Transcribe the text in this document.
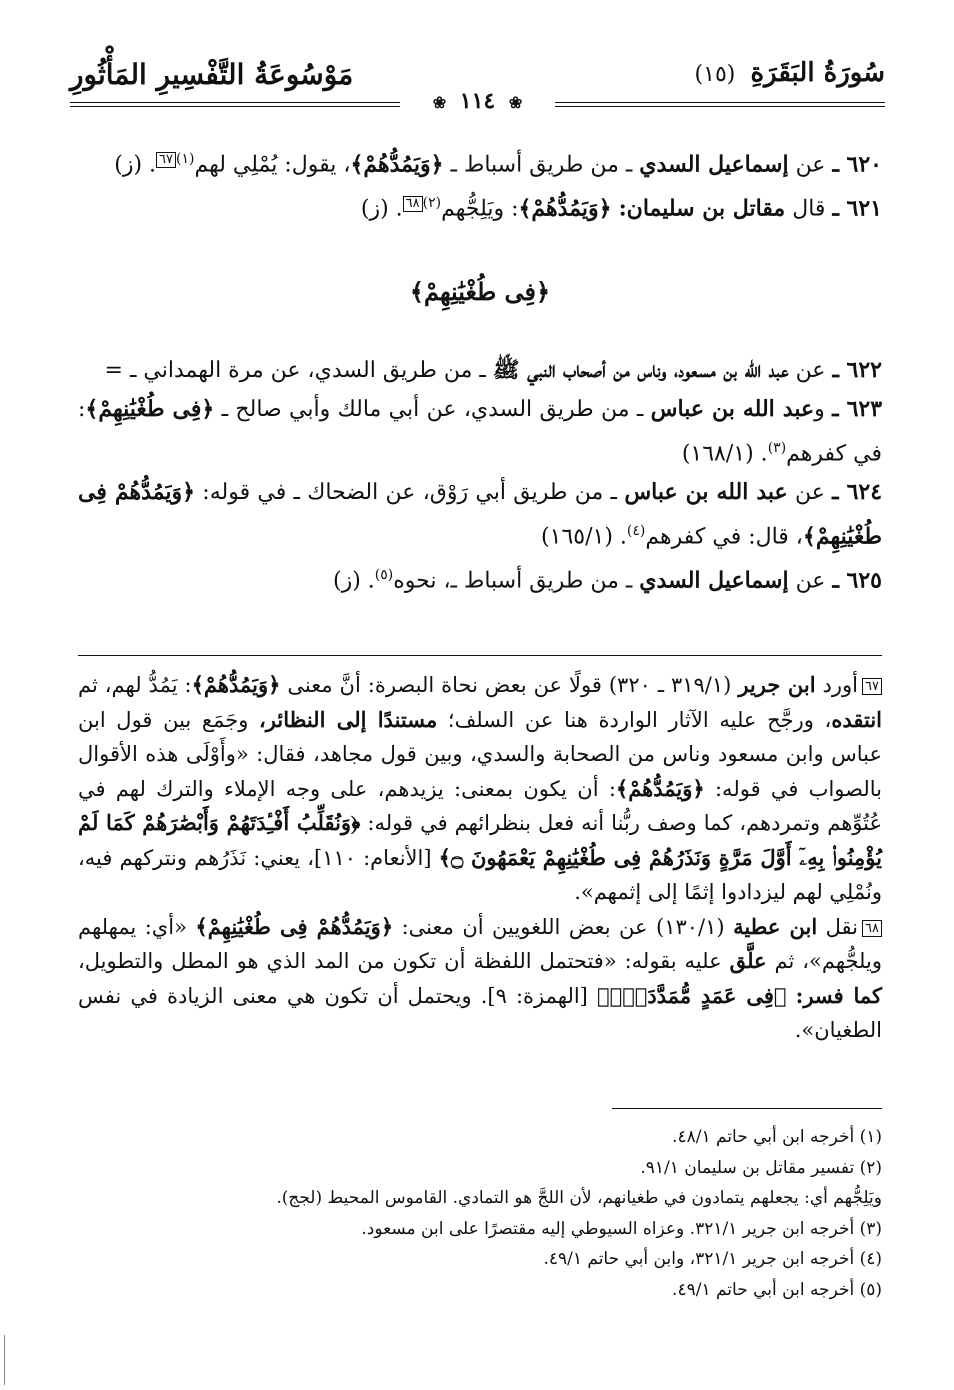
سُورَةُ البَقَرَةِ (١٥)
مَوْسُوعَةُ التَّفْسِيرِ المَأْثُورِ
❀ ١١٤ ❀

٦٢٠ ـ عن إسماعيل السدي ـ من طريق أسباط ـ ﴿وَيَمُدُّهُمْ﴾، يقول: يُمْلِي لهم$^{(١)}$٦٧. (ز)

٦٢١ ـ قال مقاتل بن سليمان: ﴿وَيَمُدُّهُمْ﴾: ويَلِجُّهم$^{(٢)}$٦٨. (ز)

﴿فِى طُغْيَٰنِهِمْ﴾

٦٢٢ ـ عن عبد الله بن مسعود، وناس من أصحاب النبي ﷺ ـ من طريق السدي، عن مرة الهمداني ـ =

٦٢٣ ـ وعبد الله بن عباس ـ من طريق السدي، عن أبي مالك وأبي صالح ـ ﴿فِى طُغْيَٰنِهِمْ﴾: في كفرهم$^{(٣)}$. (١٦٨/١)

٦٢٤ ـ عن عبد الله بن عباس ـ من طريق أبي رَوْق، عن الضحاك ـ في قوله: ﴿وَيَمُدُّهُمْ فِى طُغْيَٰنِهِمْ﴾، قال: في كفرهم$^{(٤)}$. (١٦٥/١)

٦٢٥ ـ عن إسماعيل السدي ـ من طريق أسباط ـ، نحوه$^{(٥)}$. (ز)

٦٧أورد ابن جرير (٣١٩/١ ـ ٣٢٠) قولًا عن بعض نحاة البصرة: أنَّ معنى ﴿وَيَمُدُّهُمْ﴾: يَمُدُّ لهم، ثم انتقده، ورجَّح عليه الآثار الواردة هنا عن السلف؛ مستندًا إلى النظائر، وجَمَع بين قول ابن عباس وابن مسعود وناس من الصحابة والسدي، وبين قول مجاهد، فقال: «وأَوْلَى هذه الأقوال بالصواب في قوله: ﴿وَيَمُدُّهُمْ﴾: أن يكون بمعنى: يزيدهم، على وجه الإملاء والترك لهم في عُتُوِّهم وتمردهم، كما وصف ربُّنا أنه فعل بنظرائهم في قوله: ﴿وَنُقَلِّبُ أَفْـِٔدَتَهُمْ وَأَبْصَٰرَهُمْ كَمَا لَمْ يُؤْمِنُوا۟ بِهِۦٓ أَوَّلَ مَرَّةٍ وَنَذَرُهُمْ فِى طُغْيَٰنِهِمْ يَعْمَهُونَ ۝﴾ [الأنعام: ١١٠]، يعني: نَذَرُهم ونتركهم فيه، ونُمْلِي لهم ليزدادوا إثمًا إلى إثمهم».

٦٨نقل ابن عطية (١٣٠/١) عن بعض اللغويين أن معنى: ﴿وَيَمُدُّهُمْ فِى طُغْيَٰنِهِمْ﴾ «أي: يمهلهم ويلجُّهم»، ثم علَّق عليه بقوله: «فتحتمل اللفظة أن تكون من المد الذي هو المطل والتطويل، كما فسر: ﴿فِى عَمَدٍ مُّمَدَّدَةٍۭ﴾ [الهمزة: ٩]. ويحتمل أن تكون هي معنى الزيادة في نفس الطغيان».

(١) أخرجه ابن أبي حاتم ٤٨/١.

(٢) تفسير مقاتل بن سليمان ٩١/١.

ويَلِجُّهم أي: يجعلهم يتمادون في طغيانهم، لأن اللجَّ هو التمادي. القاموس المحيط (لجج).

(٣) أخرجه ابن جرير ٣٢١/١. وعزاه السيوطي إليه مقتصرًا على ابن مسعود.

(٤) أخرجه ابن جرير ٣٢١/١، وابن أبي حاتم ٤٩/١.

(٥) أخرجه ابن أبي حاتم ٤٩/١.
